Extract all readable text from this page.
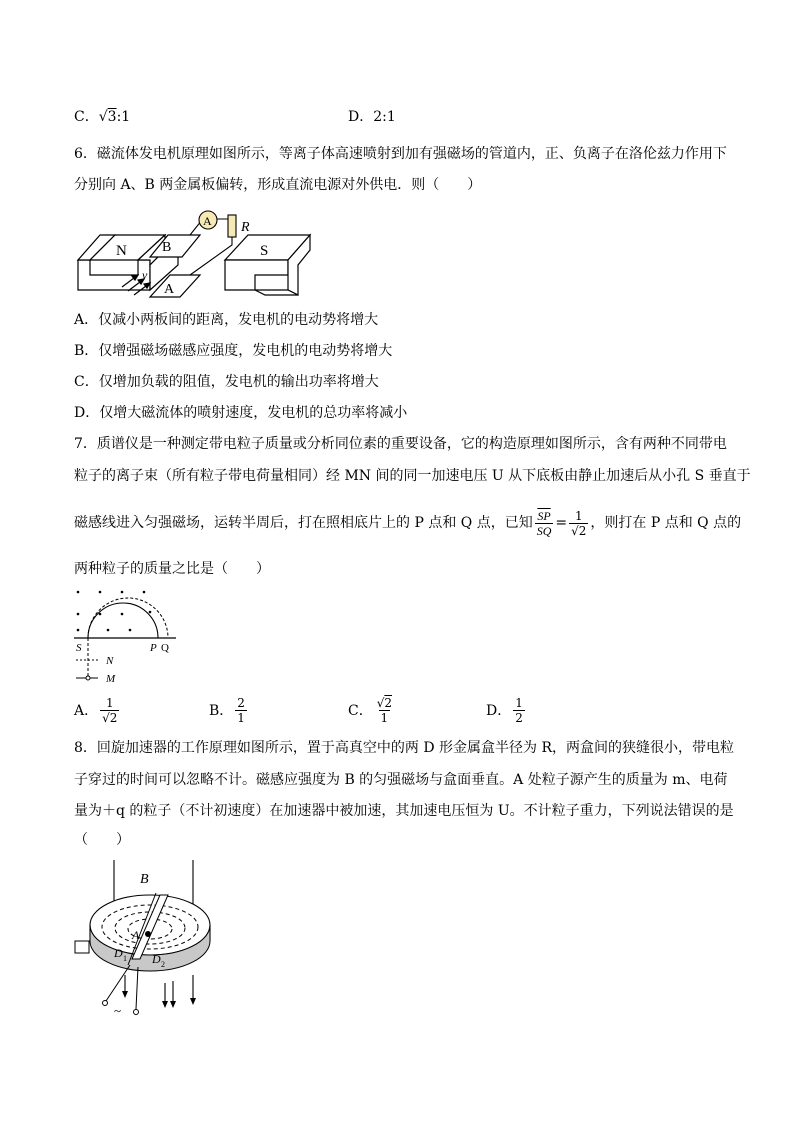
C．√3:1	D．2:1
6．磁流体发电机原理如图所示，等离子体高速喷射到加有强磁场的管道内，正、负离子在洛伦兹力作用下
分别向 A、B 两金属板偏转，形成直流电源对外供电．则（　　）
N	B
A
v
A R
S
A．仅减小两板间的距离，发电机的电动势将增大
B．仅增强磁场磁感应强度，发电机的电动势将增大
C．仅增加负载的阻值，发电机的输出功率将增大
D．仅增大磁流体的喷射速度，发电机的总功率将减小
7．质谱仪是一种测定带电粒子质量或分析同位素的重要设备，它的构造原理如图所示，含有两种不同带电
粒子的离子束（所有粒子带电荷量相同）经 MN 间的同一加速电压 U 从下底板由静止加速后从小孔 S 垂直于
磁感线进入匀强磁场，运转半周后，打在照相底片上的 P 点和 Q 点，已知 $\frac{\overline{SP}}{SQ} = \frac{1}{√2}$ ，则打在 P 点和 Q 点的
两种粒子的质量之比是（　　）
S	P Q
N
M
A． $\frac{1}{√2}$	B． $\frac{2}{1}$	C． $\frac{√2}{1}$	D． $\frac{1}{2}$
8．回旋加速器的工作原理如图所示，置于高真空中的两 D 形金属盒半径为 R，两盒间的狭缝很小，带电粒
子穿过的时间可以忽略不计。磁感应强度为 B 的匀强磁场与盒面垂直。A 处粒子源产生的质量为 m、电荷
量为＋q 的粒子（不计初速度）在加速器中被加速，其加速电压恒为 U。不计粒子重力，下列说法错误的是
（　　）
B
A
D 1 D 2
~
